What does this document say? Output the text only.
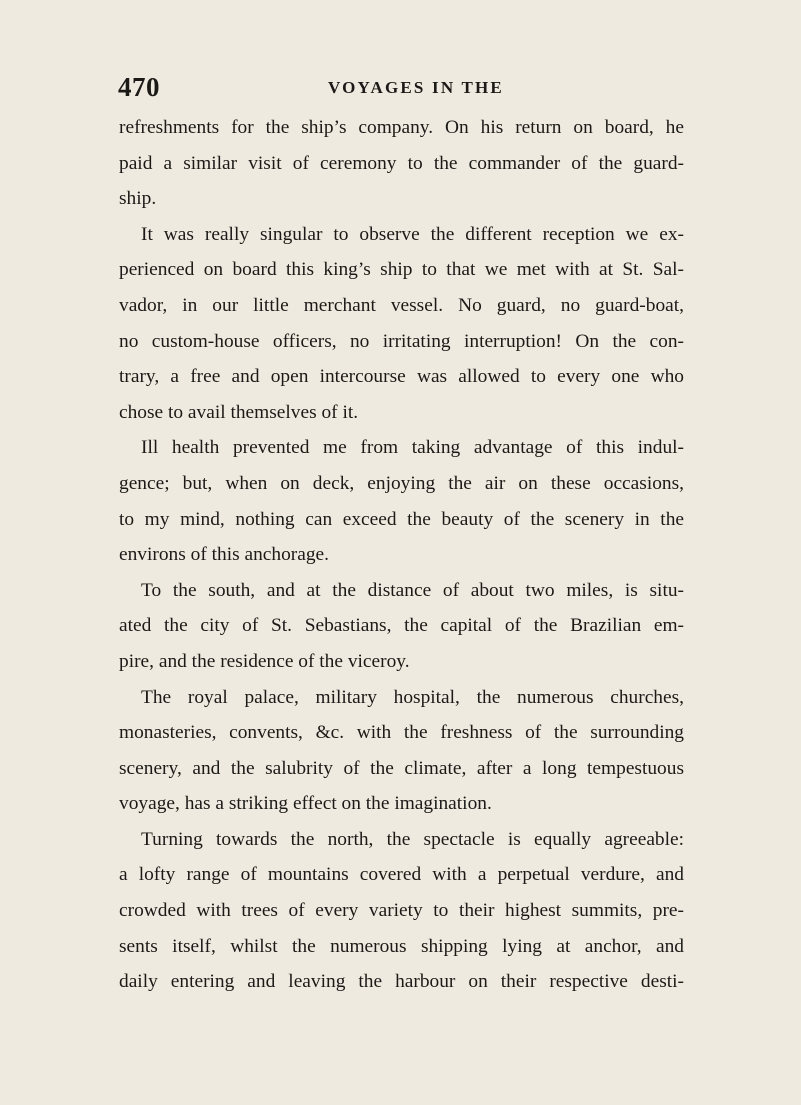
470	VOYAGES IN THE
refreshments for the ship’s company. On his return on board, he
paid a similar visit of ceremony to the commander of the guard-
ship.
It was really singular to observe the different reception we ex-
perienced on board this king’s ship to that we met with at St. Sal-
vador, in our little merchant vessel. No guard, no guard-boat,
no custom-house officers, no irritating interruption! On the con-
trary, a free and open intercourse was allowed to every one who
chose to avail themselves of it.
Ill health prevented me from taking advantage of this indul-
gence; but, when on deck, enjoying the air on these occasions,
to my mind, nothing can exceed the beauty of the scenery in the
environs of this anchorage.
To the south, and at the distance of about two miles, is situ-
ated the city of St. Sebastians, the capital of the Brazilian em-
pire, and the residence of the viceroy.
The royal palace, military hospital, the numerous churches,
monasteries, convents, &c. with the freshness of the surrounding
scenery, and the salubrity of the climate, after a long tempestuous
voyage, has a striking effect on the imagination.
Turning towards the north, the spectacle is equally agreeable:
a lofty range of mountains covered with a perpetual verdure, and
crowded with trees of every variety to their highest summits, pre-
sents itself, whilst the numerous shipping lying at anchor, and
daily entering and leaving the harbour on their respective desti-
